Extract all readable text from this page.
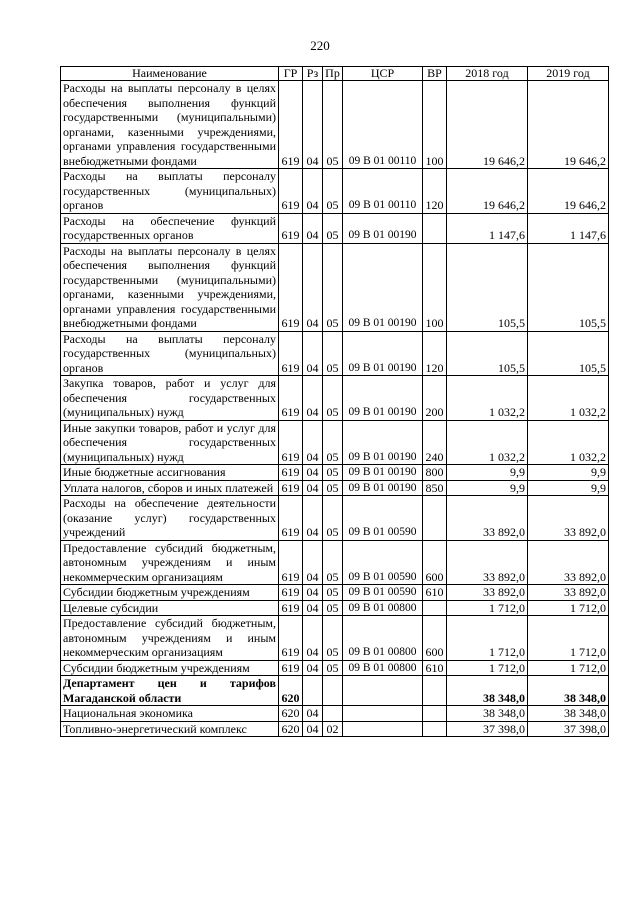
220
Наименование	ГР	Рз	Пр	ЦСР	ВР	2018 год	2019 год
Расходы на выплаты персоналу в целях обеспечения выполнения функций государственными (муниципальными) органами, казенными учреждениями, органами управления государственными внебюджетными фондами	619	04	05	09 В 01 00110	100	19 646,2	19 646,2
Расходы на выплаты персоналу государственных (муниципальных) органов	619	04	05	09 В 01 00110	120	19 646,2	19 646,2
Расходы на обеспечение функций государственных органов	619	04	05	09 В 01 00190		1 147,6	1 147,6
Расходы на выплаты персоналу в целях обеспечения выполнения функций государственными (муниципальными) органами, казенными учреждениями, органами управления государственными внебюджетными фондами	619	04	05	09 В 01 00190	100	105,5	105,5
Расходы на выплаты персоналу государственных (муниципальных) органов	619	04	05	09 В 01 00190	120	105,5	105,5
Закупка товаров, работ и услуг для обеспечения государственных (муниципальных) нужд	619	04	05	09 В 01 00190	200	1 032,2	1 032,2
Иные закупки товаров, работ и услуг для обеспечения государственных (муниципальных) нужд	619	04	05	09 В 01 00190	240	1 032,2	1 032,2
Иные бюджетные ассигнования	619	04	05	09 В 01 00190	800	9,9	9,9
Уплата налогов, сборов и иных платежей	619	04	05	09 В 01 00190	850	9,9	9,9
Расходы на обеспечение деятельности (оказание услуг) государственных учреждений	619	04	05	09 В 01 00590		33 892,0	33 892,0
Предоставление субсидий бюджетным, автономным учреждениям и иным некоммерческим организациям	619	04	05	09 В 01 00590	600	33 892,0	33 892,0
Субсидии бюджетным учреждениям	619	04	05	09 В 01 00590	610	33 892,0	33 892,0
Целевые субсидии	619	04	05	09 В 01 00800		1 712,0	1 712,0
Предоставление субсидий бюджетным, автономным учреждениям и иным некоммерческим организациям	619	04	05	09 В 01 00800	600	1 712,0	1 712,0
Субсидии бюджетным учреждениям	619	04	05	09 В 01 00800	610	1 712,0	1 712,0
Департамент цен и тарифов Магаданской области	620					38 348,0	38 348,0
Национальная экономика	620	04				38 348,0	38 348,0
Топливно-энергетический комплекс	620	04	02			37 398,0	37 398,0
